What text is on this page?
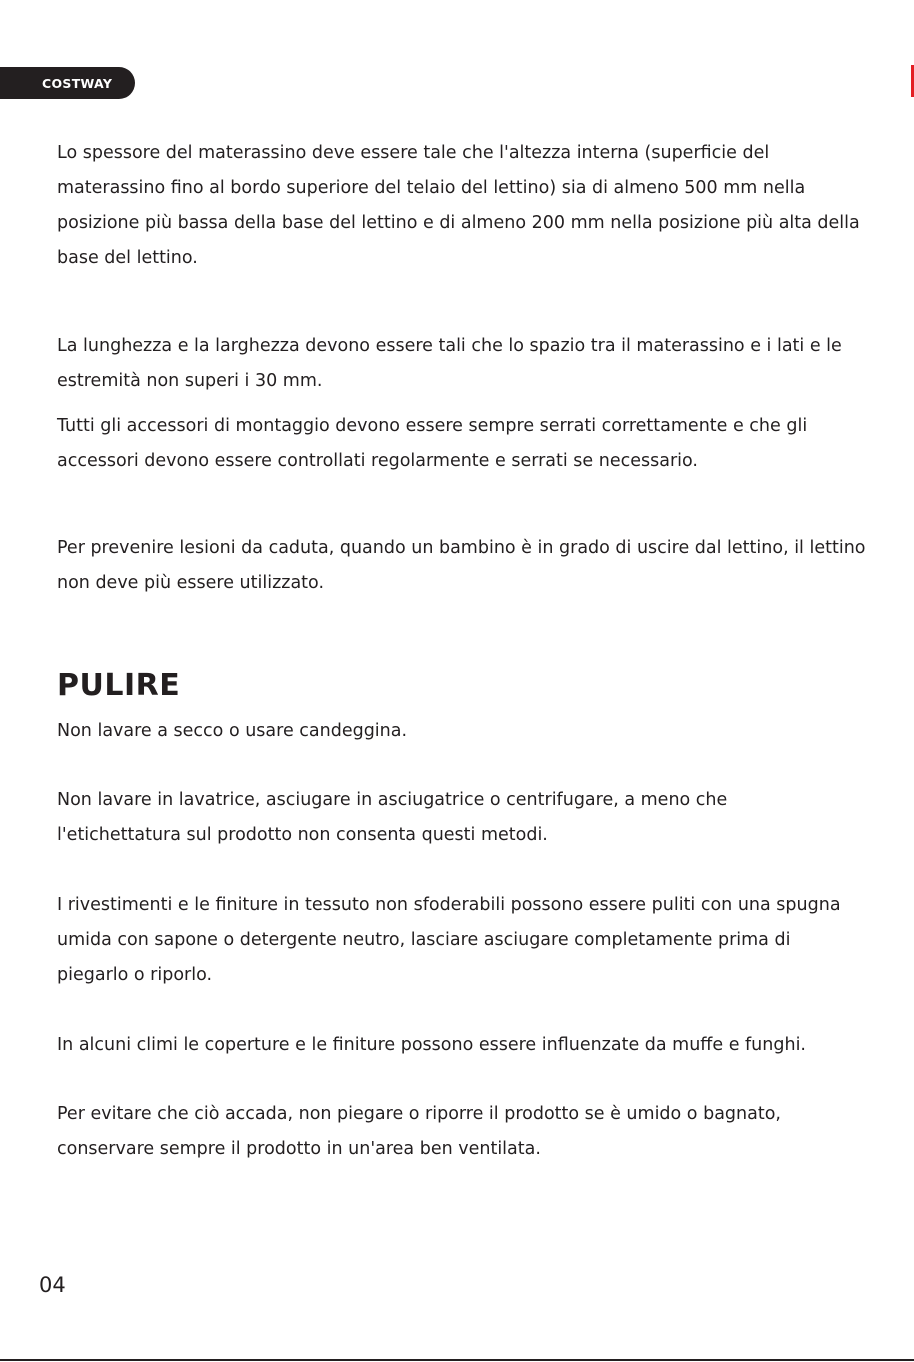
COSTWAY

Lo spessore del materassino deve essere tale che l'altezza interna (superficie del materassino fino al bordo superiore del telaio del lettino) sia di almeno 500 mm nella posizione più bassa della base del lettino e di almeno 200 mm nella posizione più alta della base del lettino.

La lunghezza e la larghezza devono essere tali che lo spazio tra il materassino e i lati e le estremità non superi i 30 mm.

Tutti gli accessori di montaggio devono essere sempre serrati correttamente e che gli accessori devono essere controllati regolarmente e serrati se necessario.

Per prevenire lesioni da caduta, quando un bambino è in grado di uscire dal lettino, il lettino non deve più essere utilizzato.

PULIRE

Non lavare a secco o usare candeggina.

Non lavare in lavatrice, asciugare in asciugatrice o centrifugare, a meno che l'etichettatura sul prodotto non consenta questi metodi.

I rivestimenti e le finiture in tessuto non sfoderabili possono essere puliti con una spugna umida con sapone o detergente neutro, lasciare asciugare completamente prima di piegarlo o riporlo.

In alcuni climi le coperture e le finiture possono essere influenzate da muffe e funghi.

Per evitare che ciò accada, non piegare o riporre il prodotto se è umido o bagnato, conservare sempre il prodotto in un'area ben ventilata.

04
